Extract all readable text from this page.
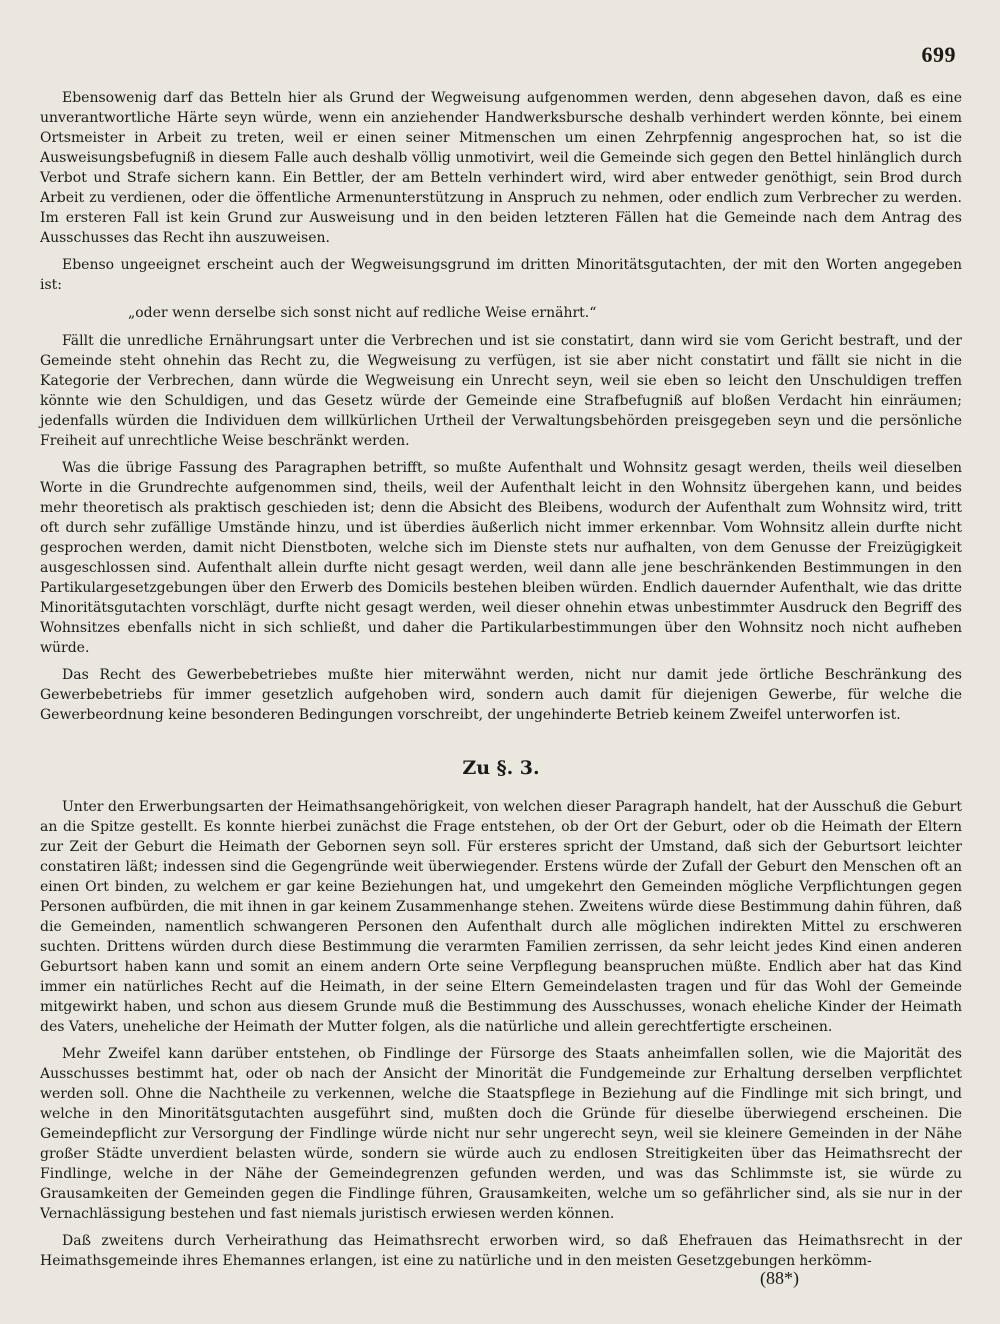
699

Ebensowenig darf das Betteln hier als Grund der Wegweisung aufgenommen werden, denn abgesehen davon, daß es eine unverantwortliche Härte seyn würde, wenn ein anziehender Handwerksbursche deshalb verhindert werden könnte, bei einem Ortsmeister in Arbeit zu treten, weil er einen seiner Mitmenschen um einen Zehrpfennig angesprochen hat, so ist die Ausweisungsbefugniß in diesem Falle auch deshalb völlig unmotivirt, weil die Gemeinde sich gegen den Bettel hinlänglich durch Verbot und Strafe sichern kann. Ein Bettler, der am Betteln verhindert wird, wird aber entweder genöthigt, sein Brod durch Arbeit zu verdienen, oder die öffentliche Armenunterstützung in Anspruch zu nehmen, oder endlich zum Verbrecher zu werden. Im ersteren Fall ist kein Grund zur Ausweisung und in den beiden letzteren Fällen hat die Gemeinde nach dem Antrag des Ausschusses das Recht ihn auszuweisen.

Ebenso ungeeignet erscheint auch der Wegweisungsgrund im dritten Minoritätsgutachten, der mit den Worten angegeben ist:

„oder wenn derselbe sich sonst nicht auf redliche Weise ernährt.“

Fällt die unredliche Ernährungsart unter die Verbrechen und ist sie constatirt, dann wird sie vom Gericht bestraft, und der Gemeinde steht ohnehin das Recht zu, die Wegweisung zu verfügen, ist sie aber nicht constatirt und fällt sie nicht in die Kategorie der Verbrechen, dann würde die Wegweisung ein Unrecht seyn, weil sie eben so leicht den Unschuldigen treffen könnte wie den Schuldigen, und das Gesetz würde der Gemeinde eine Strafbefugniß auf bloßen Verdacht hin einräumen; jedenfalls würden die Individuen dem willkürlichen Urtheil der Verwaltungsbehörden preisgegeben seyn und die persönliche Freiheit auf unrechtliche Weise beschränkt werden.

Was die übrige Fassung des Paragraphen betrifft, so mußte Aufenthalt und Wohnsitz gesagt werden, theils weil dieselben Worte in die Grundrechte aufgenommen sind, theils, weil der Aufenthalt leicht in den Wohnsitz übergehen kann, und beides mehr theoretisch als praktisch geschieden ist; denn die Absicht des Bleibens, wodurch der Aufenthalt zum Wohnsitz wird, tritt oft durch sehr zufällige Umstände hinzu, und ist überdies äußerlich nicht immer erkennbar. Vom Wohnsitz allein durfte nicht gesprochen werden, damit nicht Dienstboten, welche sich im Dienste stets nur aufhalten, von dem Genusse der Freizügigkeit ausgeschlossen sind. Aufenthalt allein durfte nicht gesagt werden, weil dann alle jene beschränkenden Bestimmungen in den Partikulargesetzgebungen über den Erwerb des Domicils bestehen bleiben würden. Endlich dauernder Aufenthalt, wie das dritte Minoritätsgutachten vorschlägt, durfte nicht gesagt werden, weil dieser ohnehin etwas unbestimmter Ausdruck den Begriff des Wohnsitzes ebenfalls nicht in sich schließt, und daher die Partikularbestimmungen über den Wohnsitz noch nicht aufheben würde.

Das Recht des Gewerbebetriebes mußte hier miterwähnt werden, nicht nur damit jede örtliche Beschränkung des Gewerbebetriebs für immer gesetzlich aufgehoben wird, sondern auch damit für diejenigen Gewerbe, für welche die Gewerbeordnung keine besonderen Bedingungen vorschreibt, der ungehinderte Betrieb keinem Zweifel unterworfen ist.

Zu §. 3.

Unter den Erwerbungsarten der Heimathsangehörigkeit, von welchen dieser Paragraph handelt, hat der Ausschuß die Geburt an die Spitze gestellt. Es konnte hierbei zunächst die Frage entstehen, ob der Ort der Geburt, oder ob die Heimath der Eltern zur Zeit der Geburt die Heimath der Gebornen seyn soll. Für ersteres spricht der Umstand, daß sich der Geburtsort leichter constatiren läßt; indessen sind die Gegengründe weit überwiegender. Erstens würde der Zufall der Geburt den Menschen oft an einen Ort binden, zu welchem er gar keine Beziehungen hat, und umgekehrt den Gemeinden mögliche Verpflichtungen gegen Personen aufbürden, die mit ihnen in gar keinem Zusammenhange stehen. Zweitens würde diese Bestimmung dahin führen, daß die Gemeinden, namentlich schwangeren Personen den Aufenthalt durch alle möglichen indirekten Mittel zu erschweren suchten. Drittens würden durch diese Bestimmung die verarmten Familien zerrissen, da sehr leicht jedes Kind einen anderen Geburtsort haben kann und somit an einem andern Orte seine Verpflegung beanspruchen müßte. Endlich aber hat das Kind immer ein natürliches Recht auf die Heimath, in der seine Eltern Gemeindelasten tragen und für das Wohl der Gemeinde mitgewirkt haben, und schon aus diesem Grunde muß die Bestimmung des Ausschusses, wonach eheliche Kinder der Heimath des Vaters, uneheliche der Heimath der Mutter folgen, als die natürliche und allein gerechtfertigte erscheinen.

Mehr Zweifel kann darüber entstehen, ob Findlinge der Fürsorge des Staats anheimfallen sollen, wie die Majorität des Ausschusses bestimmt hat, oder ob nach der Ansicht der Minorität die Fundgemeinde zur Erhaltung derselben verpflichtet werden soll. Ohne die Nachtheile zu verkennen, welche die Staatspflege in Beziehung auf die Findlinge mit sich bringt, und welche in den Minoritätsgutachten ausgeführt sind, mußten doch die Gründe für dieselbe überwiegend erscheinen. Die Gemeindepflicht zur Versorgung der Findlinge würde nicht nur sehr ungerecht seyn, weil sie kleinere Gemeinden in der Nähe großer Städte unverdient belasten würde, sondern sie würde auch zu endlosen Streitigkeiten über das Heimathsrecht der Findlinge, welche in der Nähe der Gemeindegrenzen gefunden werden, und was das Schlimmste ist, sie würde zu Grausamkeiten der Gemeinden gegen die Findlinge führen, Grausamkeiten, welche um so gefährlicher sind, als sie nur in der Vernachlässigung bestehen und fast niemals juristisch erwiesen werden können.

Daß zweitens durch Verheirathung das Heimathsrecht erworben wird, so daß Ehefrauen das Heimathsrecht in der Heimathsgemeinde ihres Ehemannes erlangen, ist eine zu natürliche und in den meisten Gesetzgebungen herkömm-

(88*)
